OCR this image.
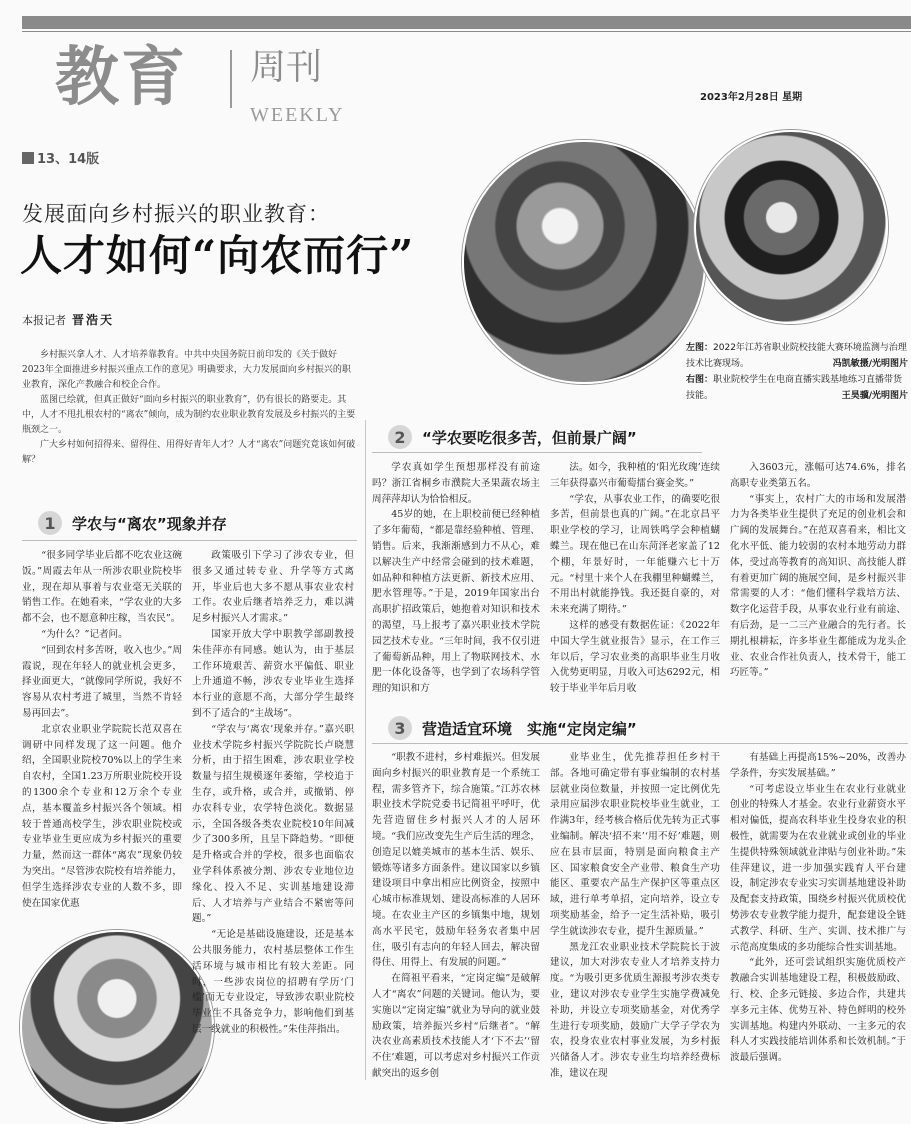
教育 周刊
WEEKLY
2023年2月28日 星期
13、14版
发展面向乡村振兴的职业教育：
人才如何“向农而行”
本报记者 晋浩天

乡村振兴拿人才、人才培养靠教育。中共中央国务院日前印发的《关于做好2023年全面推进乡村振兴重点工作的意见》明确要求，大力发展面向乡村振兴的职业教育，深化产教融合和校企合作。

蓝图已绘就，但真正做好“面向乡村振兴的职业教育”，仍有很长的路要走。其中，人才不甩扎根农村的“离农”倾向，成为制约农业职业教育发展及乡村振兴的主要瓶颈之一。

广大乡村如何招得来、留得住、用得好青年人才？人才“离农”问题究竟该如何破解？

左图：2022年江苏省职业院校技能大赛环境监测与治理技术比赛现场。	冯凯敏摄/光明图片
右图：职业院校学生在电商直播实践基地练习直播带货技能。	王昊骥/光明图片
1	学农与“离农”现象并存

“很多同学毕业后都不吃农业这碗饭。”周霞去年从一所涉农职业院校毕业，现在却从事着与农业毫无关联的销售工作。在她看来，“学农业的大多都不会，也不愿意种庄稼，当农民”。

“为什么？”记者问。

“回到农村多苦呀，收入也少。”周霞说，现在年轻人的就业机会更多，择业面更大，“就像同学所说，我好不容易从农村考进了城里，当然不肯轻易再回去”。

北京农业职业学院院长范双喜在调研中同样发现了这一问题。他介绍，全国职业院校70%以上的学生来自农村，全国1.23万所职业院校开设的1300余个专业和12万余个专业点，基本覆盖乡村振兴各个领域。相较于普通高校学生，涉农职业院校或专业毕业生更应成为乡村振兴的重要力量，然而这一群体“离农”现象仍较为突出。“尽管涉农院校有培养能力，但学生选择涉农专业的人数不多，即使在国家优惠

政策吸引下学习了涉农专业，但很多又通过转专业、升学等方式离开，毕业后也大多不愿从事农业农村工作。农业后继者培养乏力，难以满足乡村振兴人才需求。”

国家开放大学中职教学部副教授朱佳萍亦有同感。她认为，由于基层工作环境艰苦、薪资水平偏低、职业上升通道不畅，涉农专业毕业生选择本行业的意愿不高，大部分学生最终到不了适合的“主战场”。

“学农与‘离农’现象并存。”嘉兴职业技术学院乡村振兴学院院长卢晓慧分析，由于招生困难，涉农职业学校数量与招生规模逐年萎缩，学校追于生存，或升格，或合并，或撤销、停办农科专业，农学特色淡化。数据显示，全国各级各类农业院校10年间减少了300多所，且呈下降趋势。“即便是升格或合并的学校，很多也面临农业学科体系被分割、涉农专业地位边缘化、投入不足、实训基地建设滞后、人才培养与产业结合不紧密等问题。”

“无论是基础设施建设，还是基本公共服务能力，农村基层整体工作生活环境与城市相比有较大差距。同时，一些涉农岗位的招聘有学历‘门槛’而无专业设定，导致涉农职业院校毕业生不具备竞争力，影响他们到基层一线就业的积极性。”朱佳萍指出。

2	“学农要吃很多苦，但前景广阔”

学农真如学生预想那样没有前途吗？浙江省桐乡市濮院大圣果蔬农场主周萍萍却认为恰恰相反。

45岁的她，在上职校前便已经种植了多年葡萄，“都是靠经验种植、管理、销售。后来，我渐渐感到力不从心，难以解决生产中经常会碰到的技术难题，如品种和种植方法更新、新技术应用、肥水管理等。”于是，2019年国家出台高职扩招政策后，她抱着对知识和技术的渴望，马上报考了嘉兴职业技术学院园艺技术专业。“三年时间，我不仅引进了葡萄新品种，用上了物联网技术、水肥一体化设备等，也学到了农场科学管理的知识和方

法。如今，我种植的‘阳光玫瑰’连续三年获得嘉兴市葡萄擂台赛金奖。”

“学农，从事农业工作，的确要吃很多苦，但前景也真的广阔。”在北京昌平职业学校的学习，让周铁鸣学会种植蝴蝶兰。现在他已在山东菏泽老家盖了12个棚，年景好时，一年能赚六七十万元。“村里十来个人在我棚里种蝴蝶兰，不用出村就能挣钱。我还挺自豪的，对未来充满了期待。”

这样的感受有数据佐证：《2022年中国大学生就业报告》显示，在工作三年以后，学习农业类的高职毕业生月收入优势更明显，月收入可达6292元，相较于毕业半年后月收

入3603元，涨幅可达74.6%，排名高职专业类第五名。

“事实上，农村广大的市场和发展潜力为各类毕业生提供了充足的创业机会和广阔的发展舞台。”在范双喜看来，相比文化水平低、能力较弱的农村本地劳动力群体，受过高等教育的高知识、高技能人群有着更加广阔的施展空间，是乡村振兴非常需要的人才：“他们懂科学栽培方法、数字化运营手段，从事农业行业有前途、有后劲，是一二三产业融合的先行者。长期扎根耕耘，许多毕业生都能成为龙头企业、农业合作社负责人，技术骨干，能工巧匠等。”

3	营造适宜环境　实施“定岗定编”

“职教不进村，乡村难振兴。但发展面向乡村振兴的职业教育是一个系统工程，需多管齐下，综合施策。”江苏农林职业技术学院党委书记简祖平呼吁，优先营造留住乡村振兴人才的人居环境。“我们应改变先生产后生活的理念，创造足以媲美城市的基本生活、娱乐、锻炼等诸多方面条件。建议国家以乡镇建设项目中拿出相应比例资金，按照中心城市标准规划、建设高标准的人居环境。在农业主产区的乡镇集中地，规划高水平民宅，鼓励年轻务农者集中居住，吸引有志向的年轻人回去，解决留得住、用得上、有发展的问题。”

在简祖平看来，“定岗定编”是破解人才“离农”问题的关键词。他认为，要实施以“定岗定编”就业为导向的就业鼓励政策，培养振兴乡村“后继者”。“解决农业高素质技术技能人才‘下不去’‘留不住’难题，可以考虑对乡村振兴工作贡献突出的返乡创

业毕业生，优先推荐担任乡村干部。各地可确定带有事业编制的农村基层就业岗位数量，并按照一定比例优先录用应届涉农职业院校毕业生就业，工作满3年，经考核合格后优先转为正式事业编制。解决‘招不来’‘用不好’难题，则应在县市层面，特别是面向粮食主产区、国家粮食安全产业带、粮食生产功能区、重要农产品生产保护区等重点区域，进行单考单招，定向培养，设立专项奖励基金，给予一定生活补贴，吸引学生就读涉农专业，提升生源质量。”

黑龙江农业职业技术学院院长于波建议，加大对涉农专业人才培养支持力度。“为吸引更多优质生源报考涉农类专业，建议对涉农专业学生实施学费减免补助，并设立专项奖励基金，对优秀学生进行专项奖励，鼓励广大学子学农为农，投身农业农村事业发展，为乡村振兴储备人才。涉农专业生均培养经费标准，建议在现

有基础上再提高15%~20%，改善办学条件，夯实发展基础。”

“可考虑设立毕业生在农业行业就业创业的特殊人才基金。农业行业薪资水平相对偏低，提高农科毕业生投身农业的积极性，就需要为在农业就业或创业的毕业生提供特殊领域就业津贴与创业补助。”朱佳萍建议，进一步加强实践育人平台建设，制定涉农专业实习实训基地建设补助及配套支持政策，围绕乡村振兴优质校优势涉农专业教学能力提升，配套建设全链式教学、科研、生产、实训、技术推广与示范高度集成的多功能综合性实训基地。

“此外，还可尝试组织实施优质校产教融合实训基地建设工程，积极鼓励政、行、校、企多元链接、多边合作，共建共享多元主体、优势互补、特色鲜明的校外实训基地。构建内外联动、一主多元的农科人才实践技能培训体系和长效机制。”于波最后强调。
